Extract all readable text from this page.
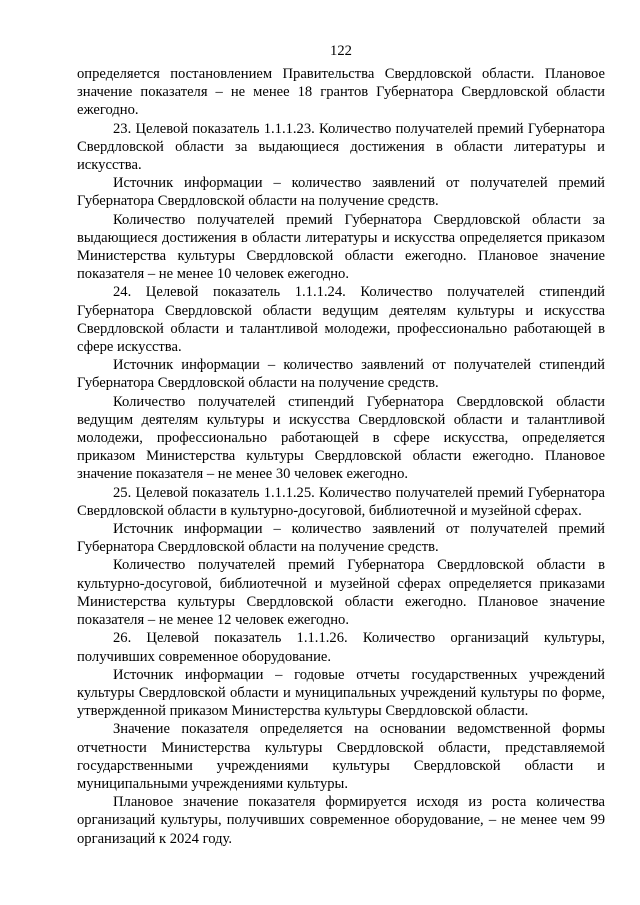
122

определяется постановлением Правительства Свердловской области. Плановое значение показателя – не менее 18 грантов Губернатора Свердловской области ежегодно.

23. Целевой показатель 1.1.1.23. Количество получателей премий Губернатора Свердловской области за выдающиеся достижения в области литературы и искусства.

Источник информации – количество заявлений от получателей премий Губернатора Свердловской области на получение средств.

Количество получателей премий Губернатора Свердловской области за выдающиеся достижения в области литературы и искусства определяется приказом Министерства культуры Свердловской области ежегодно. Плановое значение показателя – не менее 10 человек ежегодно.

24. Целевой показатель 1.1.1.24. Количество получателей стипендий Губернатора Свердловской области ведущим деятелям культуры и искусства Свердловской области и талантливой молодежи, профессионально работающей в сфере искусства.

Источник информации – количество заявлений от получателей стипендий Губернатора Свердловской области на получение средств.

Количество получателей стипендий Губернатора Свердловской области ведущим деятелям культуры и искусства Свердловской области и талантливой молодежи, профессионально работающей в сфере искусства, определяется приказом Министерства культуры Свердловской области ежегодно. Плановое значение показателя – не менее 30 человек ежегодно.

25. Целевой показатель 1.1.1.25. Количество получателей премий Губернатора Свердловской области в культурно-досуговой, библиотечной и музейной сферах.

Источник информации – количество заявлений от получателей премий Губернатора Свердловской области на получение средств.

Количество получателей премий Губернатора Свердловской области в культурно-досуговой, библиотечной и музейной сферах определяется приказами Министерства культуры Свердловской области ежегодно. Плановое значение показателя – не менее 12 человек ежегодно.

26. Целевой показатель 1.1.1.26. Количество организаций культуры, получивших современное оборудование.

Источник информации – годовые отчеты государственных учреждений культуры Свердловской области и муниципальных учреждений культуры по форме, утвержденной приказом Министерства культуры Свердловской области.

Значение показателя определяется на основании ведомственной формы отчетности Министерства культуры Свердловской области, представляемой государственными учреждениями культуры Свердловской области и муниципальными учреждениями культуры.

Плановое значение показателя формируется исходя из роста количества организаций культуры, получивших современное оборудование, – не менее чем 99 организаций к 2024 году.
